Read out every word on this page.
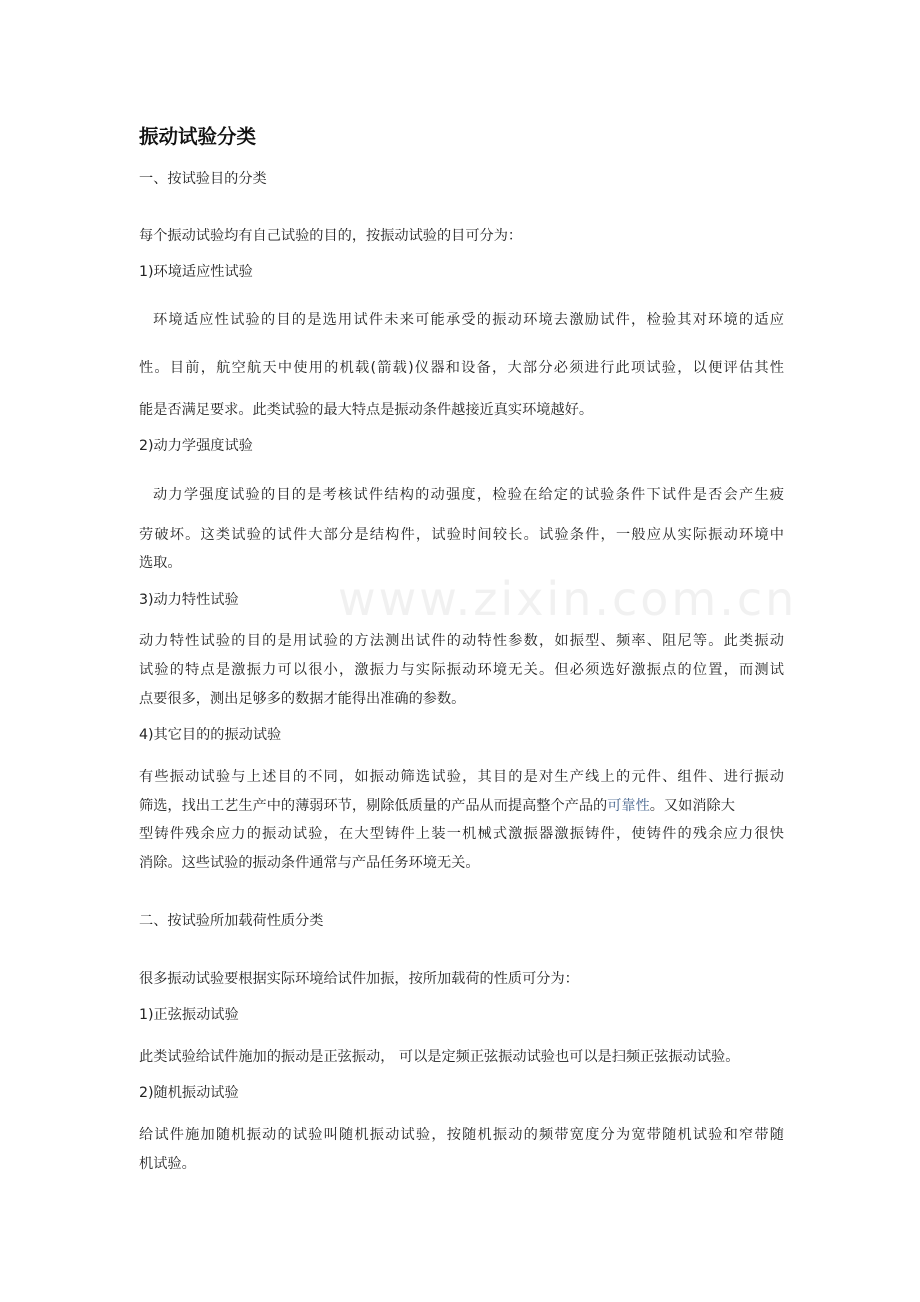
www.zixin.com.cn
振动试验分类
一、按试验目的分类
每个振动试验均有自己试验的目的，按振动试验的目可分为：
1)环境适应性试验
环境适应性试验的目的是选用试件未来可能承受的振动环境去激励试件，检验其对环境的适应
性。目前，航空航天中使用的机载(箭载)仪器和设备，大部分必须进行此项试验，以便评估其性
能是否满足要求。此类试验的最大特点是振动条件越接近真实环境越好。
2)动力学强度试验
动力学强度试验的目的是考核试件结构的动强度，检验在给定的试验条件下试件是否会产生疲
劳破坏。这类试验的试件大部分是结构件，试验时间较长。试验条件，一般应从实际振动环境中
选取。
3)动力特性试验
动力特性试验的目的是用试验的方法测出试件的动特性参数，如振型、频率、阻尼等。此类振动
试验的特点是激振力可以很小，激振力与实际振动环境无关。但必须选好激振点的位置，而测试
点要很多，测出足够多的数据才能得出准确的参数。
4)其它目的的振动试验
有些振动试验与上述目的不同，如振动筛选试验，其目的是对生产线上的元件、组件、进行振动
筛选，找出工艺生产中的薄弱环节，剔除低质量的产品从而提高整个产品的可靠性。又如消除大
型铸件残余应力的振动试验，在大型铸件上装一机械式激振器激振铸件，使铸件的残余应力很快
消除。这些试验的振动条件通常与产品任务环境无关。
二、按试验所加载荷性质分类
很多振动试验要根据实际环境给试件加振，按所加载荷的性质可分为：
1)正弦振动试验
此类试验给试件施加的振动是正弦振动， 可以是定频正弦振动试验也可以是扫频正弦振动试验。
2)随机振动试验
给试件施加随机振动的试验叫随机振动试验，按随机振动的频带宽度分为宽带随机试验和窄带随
机试验。
